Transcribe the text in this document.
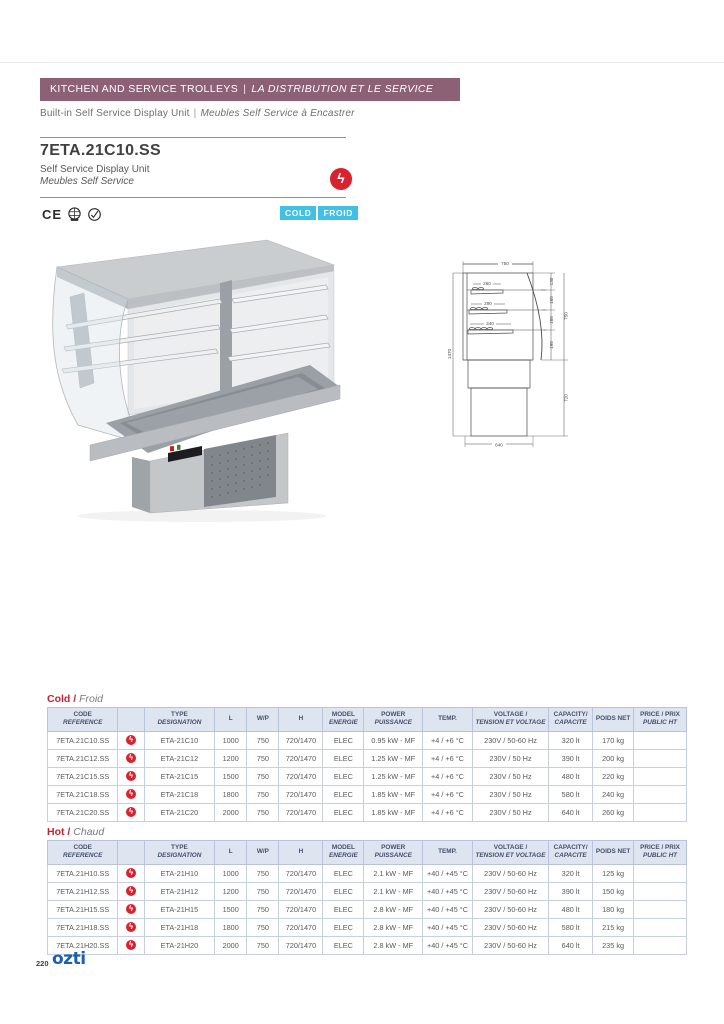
KITCHEN AND SERVICE TROLLEYS | LA DISTRIBUTION ET LE SERVICE
Built-in Self Service Display Unit | Meubles Self Service à Encastrer
7ETA.21C10.SS
Self Service Display Unit
Meubles Self Service	ϟ
CE	COLD	FROID
750
260
290
340
130
165
165
195
750
720
1470
640
Cold / Froid
CODE
REFERENCE

TYPE
DESIGNATION

L	W/P	H

MODEL
ENERGIE

POWER
PUISSANCE

TEMP.

VOLTAGE /
TENSION ET VOLTAGE

CAPACITY/
CAPACITE

POIDS NET

PRICE / PRIX
PUBLIC HT

7ETA.21C10.SS	ϟ	ETA-21C10	1000	750	720/1470	ELEC	0.95 kW - MF	+4 / +6 °C	230V / 50-60 Hz	320 lt	170 kg	
7ETA.21C12.SS	ϟ	ETA-21C12	1200	750	720/1470	ELEC	1.25 kW - MF	+4 / +6 °C	230V / 50 Hz	390 lt	200 kg	
7ETA.21C15.SS	ϟ	ETA-21C15	1500	750	720/1470	ELEC	1.25 kW - MF	+4 / +6 °C	230V / 50 Hz	480 lt	220 kg	
7ETA.21C18.SS	ϟ	ETA-21C18	1800	750	720/1470	ELEC	1.85 kW - MF	+4 / +6 °C	230V / 50 Hz	580 lt	240 kg	
7ETA.21C20.SS	ϟ	ETA-21C20	2000	750	720/1470	ELEC	1.85 kW - MF	+4 / +6 °C	230V / 50 Hz	640 lt	260 kg	
Hot / Chaud
CODE
REFERENCE

TYPE
DESIGNATION

L	W/P	H

MODEL
ENERGIE

POWER
PUISSANCE

TEMP.

VOLTAGE /
TENSION ET VOLTAGE

CAPACITY/
CAPACITE

POIDS NET

PRICE / PRIX
PUBLIC HT

7ETA.21H10.SS	ϟ	ETA-21H10	1000	750	720/1470	ELEC	2.1 kW - MF	+40 / +45 °C	230V / 50-60 Hz	320 lt	125 kg	
7ETA.21H12.SS	ϟ	ETA-21H12	1200	750	720/1470	ELEC	2.1 kW - MF	+40 / +45 °C	230V / 50-60 Hz	390 lt	150 kg	
7ETA.21H15.SS	ϟ	ETA-21H15	1500	750	720/1470	ELEC	2.8 kW - MF	+40 / +45 °C	230V / 50-60 Hz	480 lt	180 kg	
7ETA.21H18.SS	ϟ	ETA-21H18	1800	750	720/1470	ELEC	2.8 kW - MF	+40 / +45 °C	230V / 50-60 Hz	580 lt	215 kg	
7ETA.21H20.SS	ϟ	ETA-21H20	2000	750	720/1470	ELEC	2.8 kW - MF	+40 / +45 °C	230V / 50-60 Hz	640 lt	235 kg	
220 ozti
